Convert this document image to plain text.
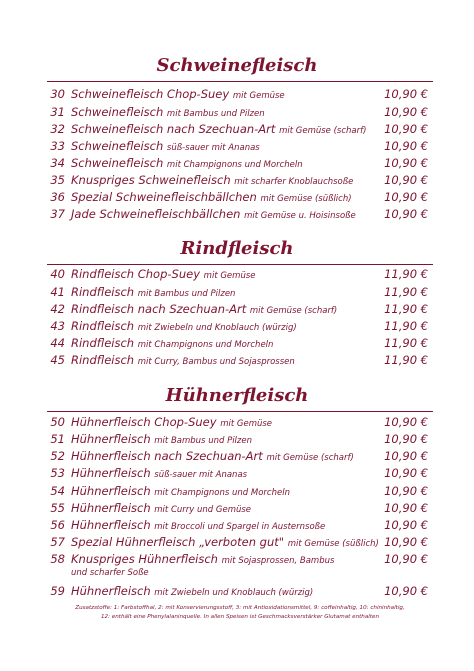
Schweinefleisch
30 Schweinefleisch Chop-Suey mit Gemüse	10,90 €
31 Schweinefleisch mit Bambus und Pilzen	10,90 €
32 Schweinefleisch nach Szechuan-Art mit Gemüse (scharf) 10,90 €
33 Schweinefleisch süß-sauer mit Ananas	10,90 €
34 Schweinefleisch mit Champignons und Morcheln	10,90 €
35 Knuspriges Schweinefleisch mit scharfer Knoblauchsoße	10,90 €
36 Spezial Schweinefleischbällchen mit Gemüse (süßlich)	10,90 €
37 Jade Schweinefleischbällchen mit Gemüse u. Hoisinsoße 10,90 €
Rindfleisch
40 Rindfleisch Chop-Suey mit Gemüse	11,90 €
41 Rindfleisch mit Bambus und Pilzen	11,90 €
42 Rindfleisch nach Szechuan-Art mit Gemüse (scharf)	11,90 €
43 Rindfleisch mit Zwiebeln und Knoblauch (würzig)	11,90 €
44 Rindfleisch mit Champignons und Morcheln	11,90 €
45 Rindfleisch mit Curry, Bambus und Sojasprossen	11,90 €
Hühnerfleisch
50 Hühnerfleisch Chop-Suey mit Gemüse	10,90 €
51 Hühnerfleisch mit Bambus und Pilzen	10,90 €
52 Hühnerfleisch nach Szechuan-Art mit Gemüse (scharf)	10,90 €
53 Hühnerfleisch süß-sauer mit Ananas	10,90 €
54 Hühnerfleisch mit Champignons und Morcheln	10,90 €
55 Hühnerfleisch mit Curry und Gemüse	10,90 €
56 Hühnerfleisch mit Broccoli und Spargel in Austernsoße	10,90 €
57 Spezial Hühnerfleisch „verboten gut" mit Gemüse (süßlich) 10,90 €
58 Knuspriges Hühnerfleisch mit Sojasprossen, Bambus	10,90 €
und scharfer Soße
59 Hühnerfleisch mit Zwiebeln und Knoblauch (würzig)	10,90 €
Zusatzstoffe: 1: Farbstoffhal, 2: mit Konservierungsstoff, 3: mit Antioxidationsmittel, 9: coffeinhaltig, 10: chininhaltig,
12: enthält eine Phenylalaninquelle. In allen Speisen ist Geschmacksverstärker Glutamat enthalten
